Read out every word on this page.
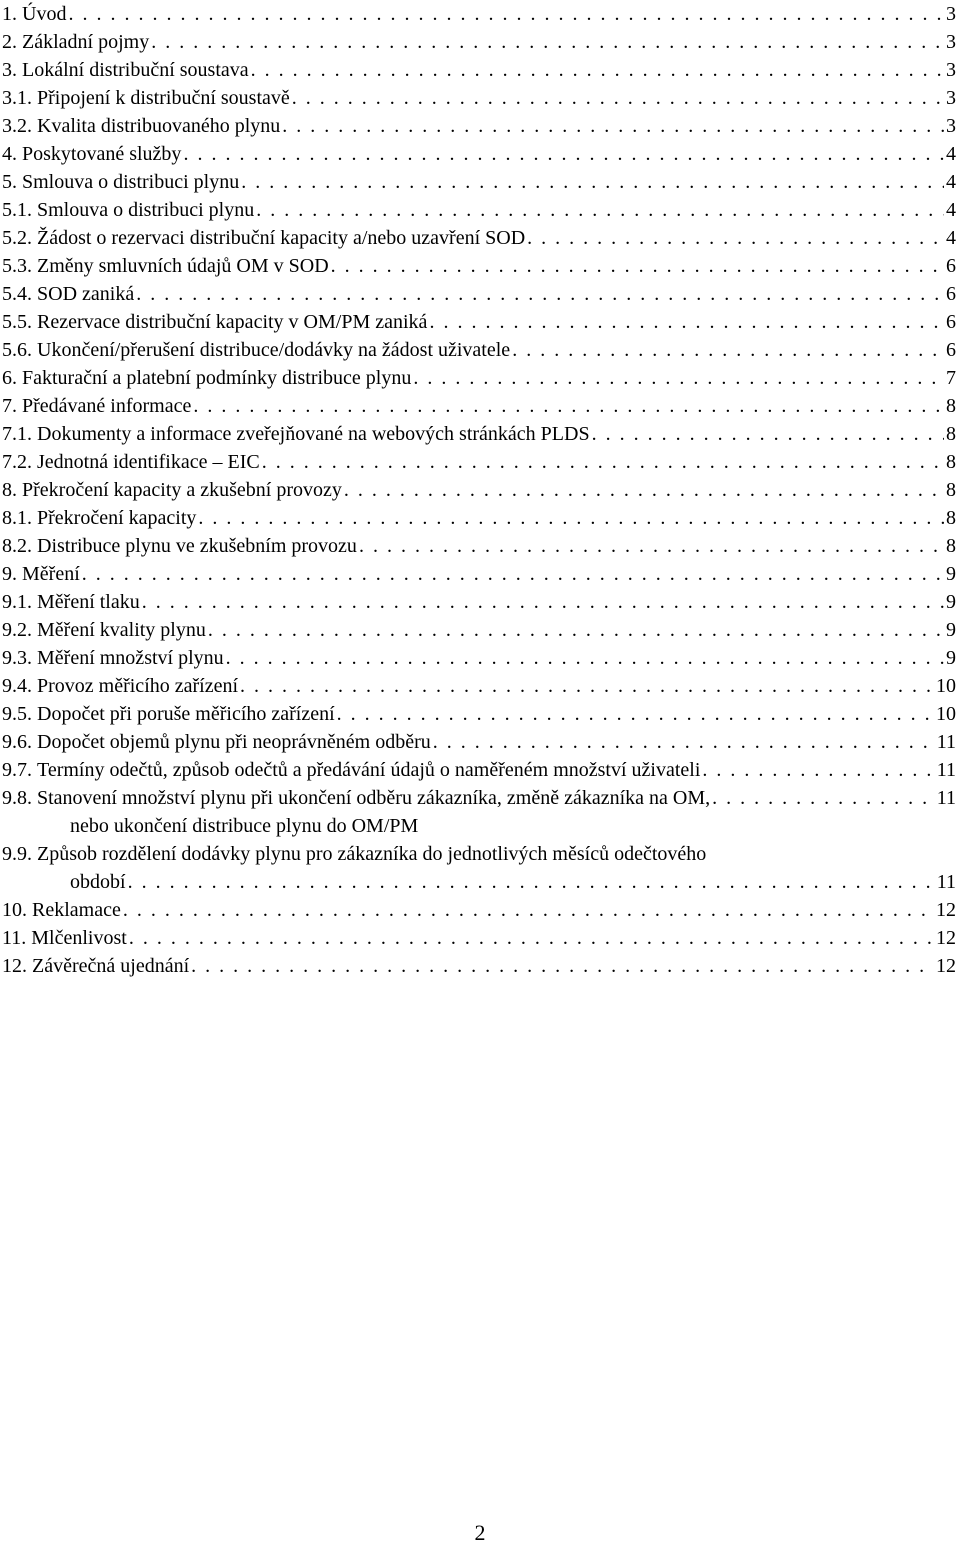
1. Úvod . . .	3
2. Základní pojmy . . .	3
3. Lokální distribuční soustava . . .	3
3.1. Připojení k distribuční soustavě . . .	3
3.2. Kvalita distribuovaného plynu . . .	3
4. Poskytované služby . . .	4
5. Smlouva o distribuci plynu . . .	4
5.1. Smlouva o distribuci plynu . . .	4
5.2. Žádost o rezervaci distribuční kapacity a/nebo uzavření SOD . . .	4
5.3. Změny smluvních údajů OM v SOD . . .	6
5.4. SOD zaniká . . .	6
5.5. Rezervace distribuční kapacity v OM/PM zaniká . . .	6
5.6. Ukončení/přerušení distribuce/dodávky na žádost uživatele . . .	6
6. Fakturační a platební podmínky distribuce plynu . . .	7
7. Předávané informace . . .	8
7.1. Dokumenty a informace zveřejňované na webových stránkách PLDS . . .	8
7.2. Jednotná identifikace – EIC . . .	8
8. Překročení kapacity a zkušební provozy . . .	8
8.1. Překročení kapacity . . .	8
8.2. Distribuce plynu ve zkušebním provozu . . .	8
9. Měření . . .	9
9.1. Měření tlaku . . .	9
9.2. Měření kvality plynu . . .	9
9.3. Měření množství plynu . . .	9
9.4. Provoz měřicího zařízení . . .	10
9.5. Dopočet při poruše měřicího zařízení . . .	10
9.6. Dopočet objemů plynu při neoprávněném odběru . . .	11
9.7. Termíny odečtů, způsob odečtů a předávání údajů o naměřeném množství uživateli . . .	11
9.8. Stanovení množství plynu při ukončení odběru zákazníka, změně zákazníka na OM, . . .	11
nebo ukončení distribuce plynu do OM/PM
9.9. Způsob rozdělení dodávky plynu pro zákazníka do jednotlivých měsíců odečtového
období . . .	11
10. Reklamace . . .	12
11. Mlčenlivost . . .	12
12. Závěrečná ujednání . . .	12
2
